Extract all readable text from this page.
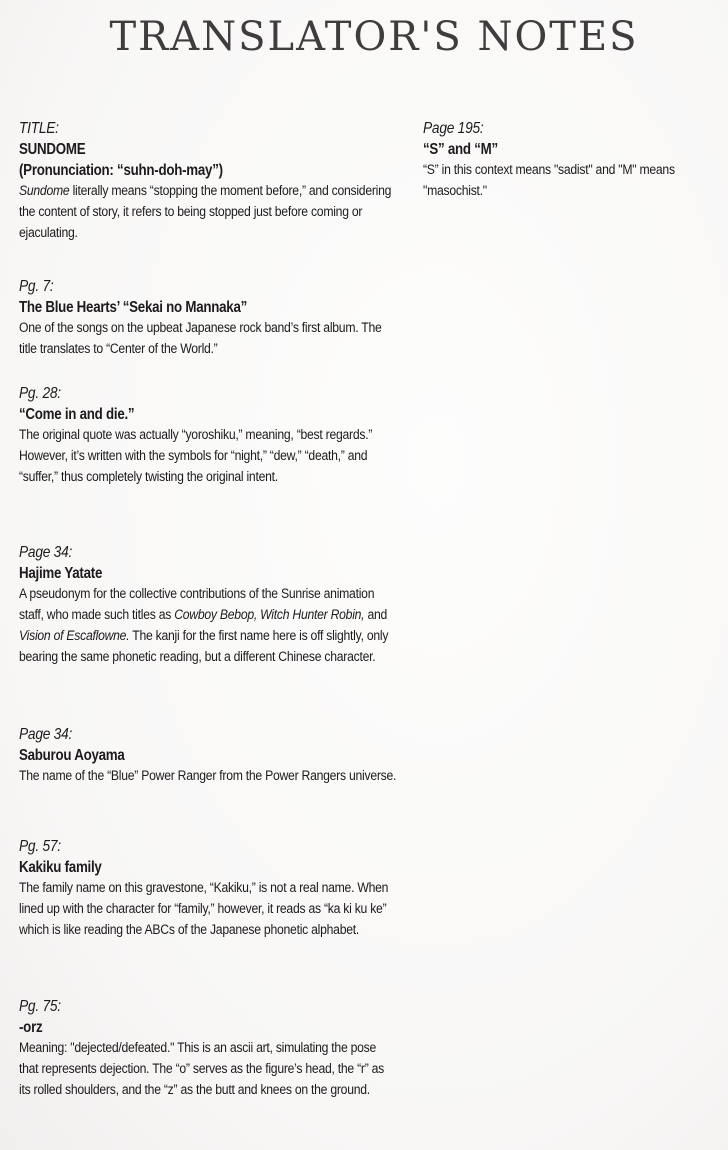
TRANSLATOR'S NOTES
TITLE:
SUNDOME
(Pronunciation: “suhn-doh-may”)
Sundome literally means “stopping the moment before,” and considering the content of story, it refers to being stopped just before coming or ejaculating.
Pg. 7:
The Blue Hearts’ “Sekai no Mannaka”
One of the songs on the upbeat Japanese rock band’s first album. The title translates to “Center of the World.”
Pg. 28:
“Come in and die.”
The original quote was actually “yoroshiku,” meaning, “best regards.” However, it’s written with the symbols for “night,” “dew,” “death,” and “suffer,” thus completely twisting the original intent.
Page 34:
Hajime Yatate
A pseudonym for the collective contributions of the Sunrise animation staff, who made such titles as Cowboy Bebop, Witch Hunter Robin, and Vision of Escaflowne. The kanji for the first name here is off slightly, only bearing the same phonetic reading, but a different Chinese character.
Page 34:
Saburou Aoyama
The name of the “Blue” Power Ranger from the Power Rangers universe.
Pg. 57:
Kakiku family
The family name on this gravestone, “Kakiku,” is not a real name. When lined up with the character for “family,” however, it reads as “ka ki ku ke” which is like reading the ABCs of the Japanese phonetic alphabet.
Pg. 75:
-orz
Meaning: "dejected/defeated." This is an ascii art, simulating the pose that represents dejection. The “o” serves as the figure’s head, the “r” as its rolled shoulders, and the “z” as the butt and knees on the ground.
Page 195:
“S” and “M”
“S” in this context means "sadist" and "M" means "masochist."
